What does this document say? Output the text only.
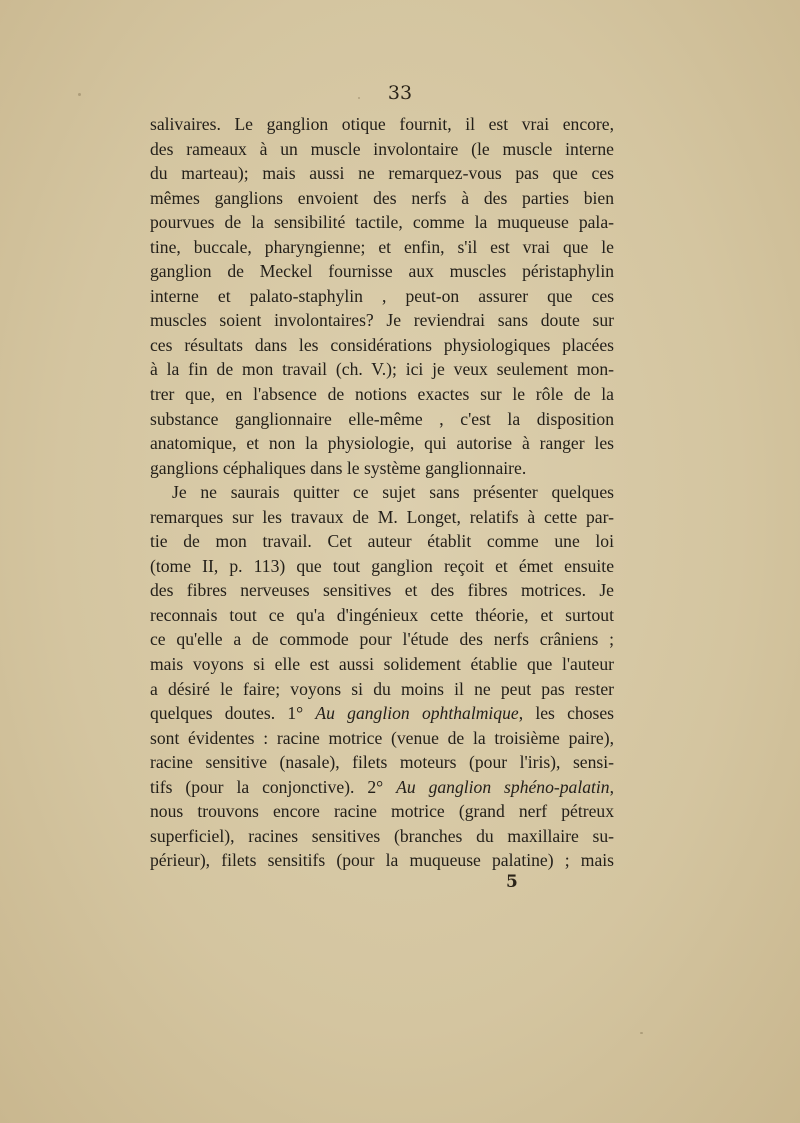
33
salivaires. Le ganglion otique fournit, il est vrai encore,
des rameaux à un muscle involontaire (le muscle interne
du marteau); mais aussi ne remarquez-vous pas que ces
mêmes ganglions envoient des nerfs à des parties bien
pourvues de la sensibilité tactile, comme la muqueuse pala-
tine, buccale, pharyngienne; et enfin, s'il est vrai que le
ganglion de Meckel fournisse aux muscles péristaphylin
interne et palato-staphylin , peut-on assurer que ces
muscles soient involontaires? Je reviendrai sans doute sur
ces résultats dans les considérations physiologiques placées
à la fin de mon travail (ch. V.); ici je veux seulement mon-
trer que, en l'absence de notions exactes sur le rôle de la
substance ganglionnaire elle-même , c'est la disposition
anatomique, et non la physiologie, qui autorise à ranger les
ganglions céphaliques dans le système ganglionnaire.
Je ne saurais quitter ce sujet sans présenter quelques
remarques sur les travaux de M. Longet, relatifs à cette par-
tie de mon travail. Cet auteur établit comme une loi
(tome II, p. 113) que tout ganglion reçoit et émet ensuite
des fibres nerveuses sensitives et des fibres motrices. Je
reconnais tout ce qu'a d'ingénieux cette théorie, et surtout
ce qu'elle a de commode pour l'étude des nerfs crâniens ;
mais voyons si elle est aussi solidement établie que l'auteur
a désiré le faire; voyons si du moins il ne peut pas rester
quelques doutes. 1° Au ganglion ophthalmique, les choses
sont évidentes : racine motrice (venue de la troisième paire),
racine sensitive (nasale), filets moteurs (pour l'iris), sensi-
tifs (pour la conjonctive). 2° Au ganglion sphéno-palatin,
nous trouvons encore racine motrice (grand nerf pétreux
superficiel), racines sensitives (branches du maxillaire su-
périeur), filets sensitifs (pour la muqueuse palatine) ; mais
5
